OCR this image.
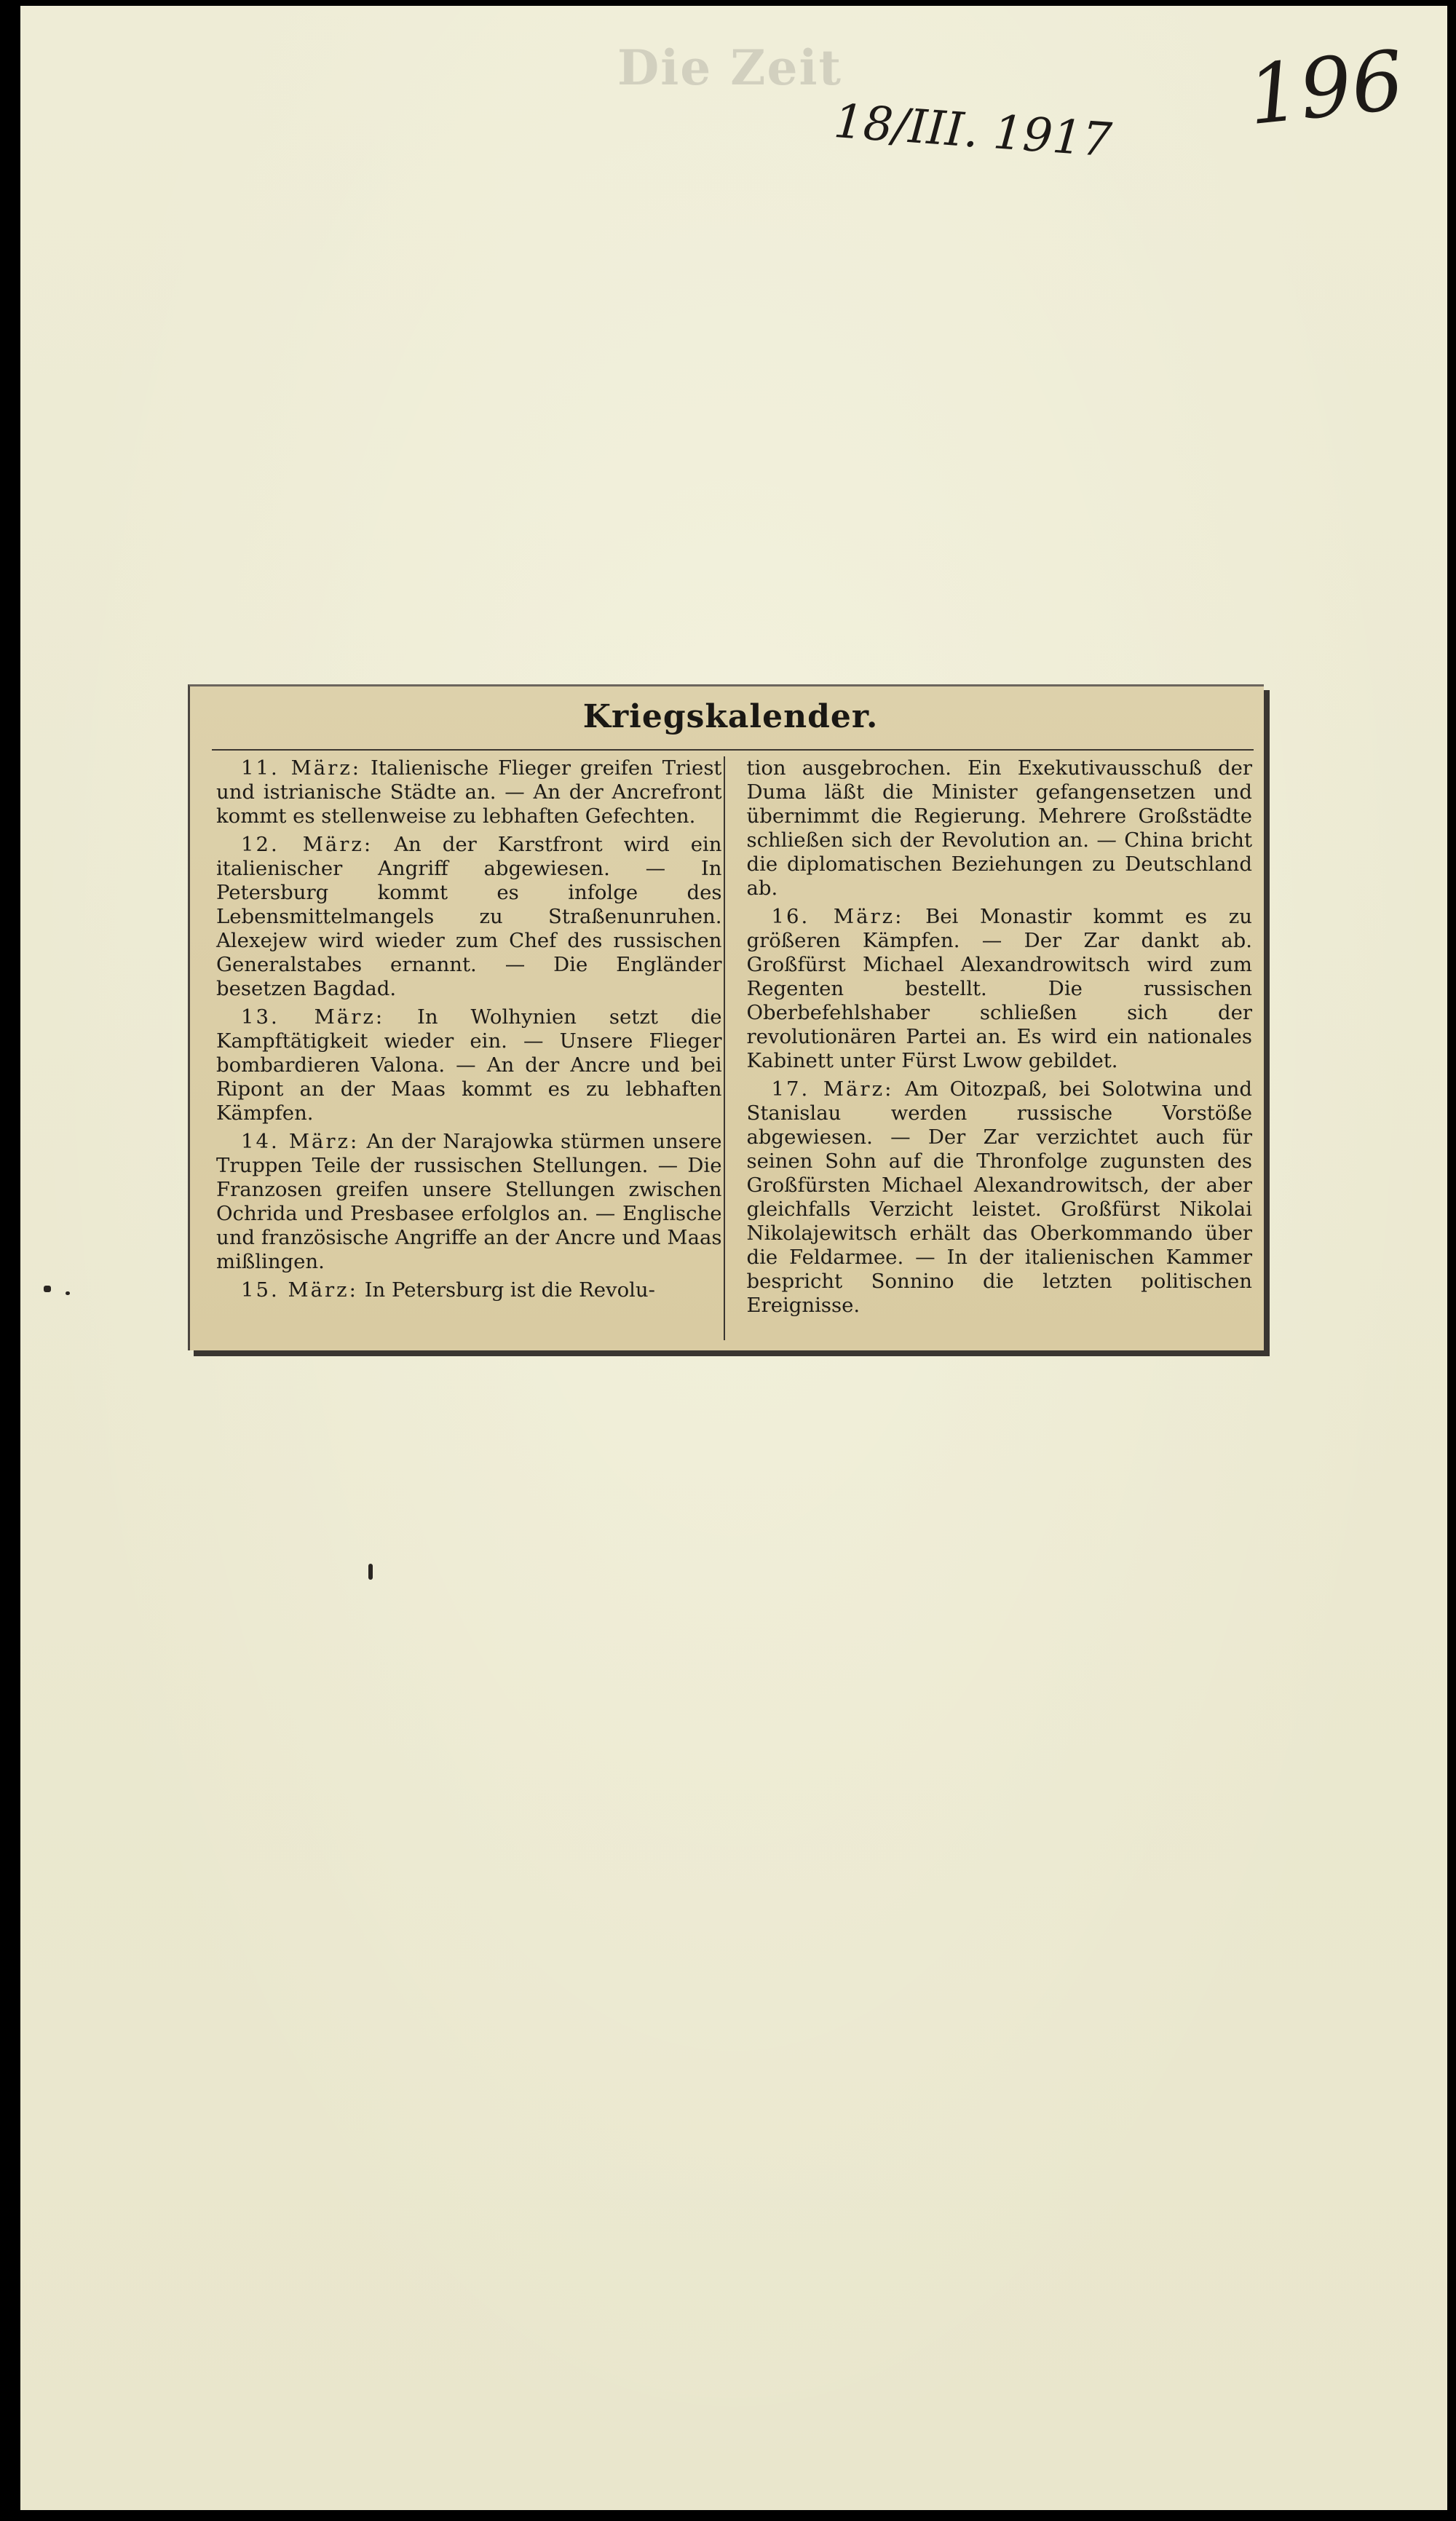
Die Zeit
18/III. 1917 196
Kriegskalender.

11. März: Italienische Flieger greifen Triest und istrianische Städte an. — An der Ancrefront kommt es stellenweise zu lebhaften Gefechten.

12. März: An der Karstfront wird ein italienischer Angriff abgewiesen. — In Petersburg kommt es infolge des Lebensmittelmangels zu Straßenunruhen. Alexejew wird wieder zum Chef des russischen Generalstabes ernannt. — Die Engländer besetzen Bagdad.

13. März: In Wolhynien setzt die Kampftätigkeit wieder ein. — Unsere Flieger bombardieren Valona. — An der Ancre und bei Ripont an der Maas kommt es zu lebhaften Kämpfen.

14. März: An der Narajowka stürmen unsere Truppen Teile der russischen Stellungen. — Die Franzosen greifen unsere Stellungen zwischen Ochrida und Presbasee erfolglos an. — Englische und französische Angriffe an der Ancre und Maas mißlingen.

15. März: In Petersburg ist die Revolu-

tion ausgebrochen. Ein Exekutivausschuß der Duma läßt die Minister gefangensetzen und übernimmt die Regierung. Mehrere Großstädte schließen sich der Revolution an. — China bricht die diplomatischen Beziehungen zu Deutschland ab.

16. März: Bei Monastir kommt es zu größeren Kämpfen. — Der Zar dankt ab. Großfürst Michael Alexandrowitsch wird zum Regenten bestellt. Die russischen Oberbefehlshaber schließen sich der revolutionären Partei an. Es wird ein nationales Kabinett unter Fürst Lwow gebildet.

17. März: Am Oitozpaß, bei Solotwina und Stanislau werden russische Vorstöße abgewiesen. — Der Zar verzichtet auch für seinen Sohn auf die Thronfolge zugunsten des Großfürsten Michael Alexandrowitsch, der aber gleichfalls Verzicht leistet. Großfürst Nikolai Nikolajewitsch erhält das Oberkommando über die Feldarmee. — In der italienischen Kammer bespricht Sonnino die letzten politischen Ereignisse.
